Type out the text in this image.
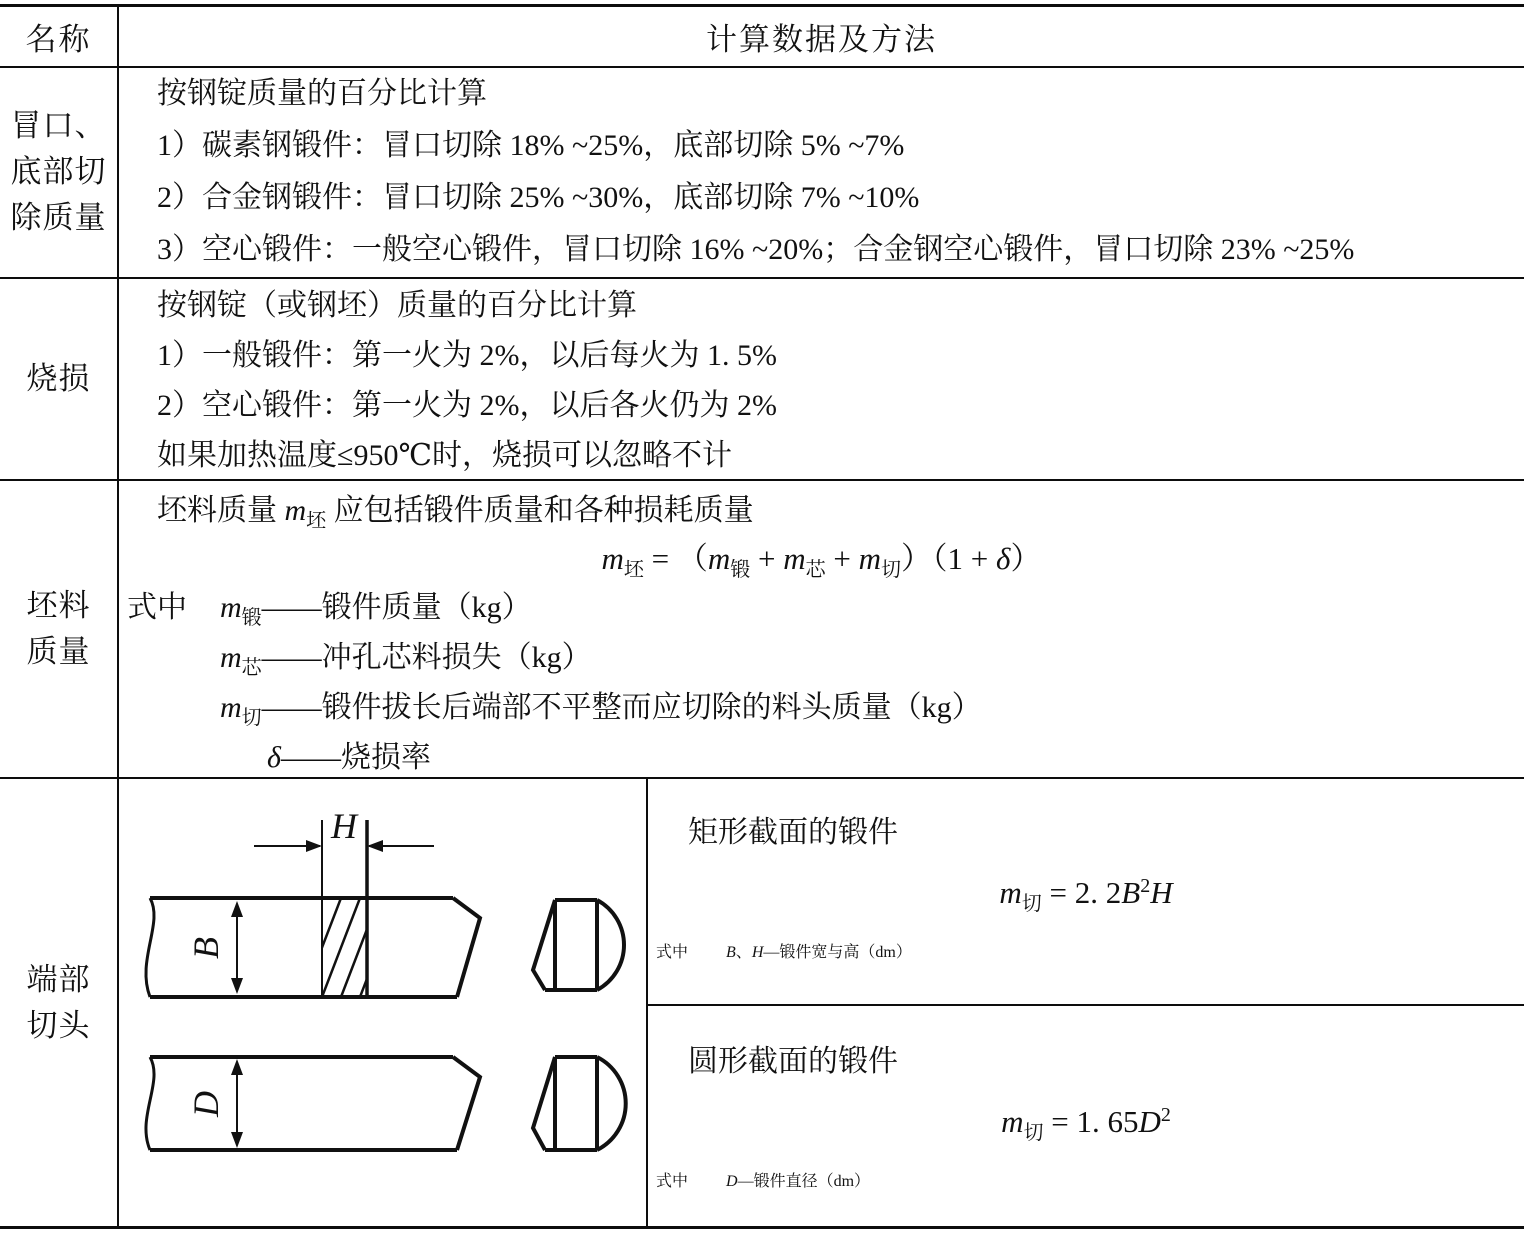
名称	计算数据及方法
冒口、
底部切
除质量
按钢锭质量的百分比计算
1）碳素钢锻件：冒口切除 18% ~25%，底部切除 5% ~7%
2）合金钢锻件：冒口切除 25% ~30%，底部切除 7% ~10%
3）空心锻件：一般空心锻件，冒口切除 16% ~20%；合金钢空心锻件，冒口切除 23% ~25%
烧损
按钢锭（或钢坯）质量的百分比计算
1）一般锻件：第一火为 2%，以后每火为 1. 5%
2）空心锻件：第一火为 2%，以后各火仍为 2%
如果加热温度≤950℃时，烧损可以忽略不计
坯料
质量
坯料质量 $m_坯$ 应包括锻件质量和各种损耗质量
$m_坯 = (m_锻 + m_芯 + m_切)(1 + \delta)$
式中 $m_锻——$锻件质量（kg）
$m_芯——$冲孔芯料损失（kg）
$m_切——$锻件拔长后端部不平整而应切除的料头质量（kg）
δ——烧损率
端部
切头
H
B
D
矩形截面的锻件
$m_切 = 2$. $2B^2H$
式中 B、H—锻件宽与高（dm）
圆形截面的锻件
$m_切 = 1$. $65D^2$
式中 D—锻件直径（dm）
